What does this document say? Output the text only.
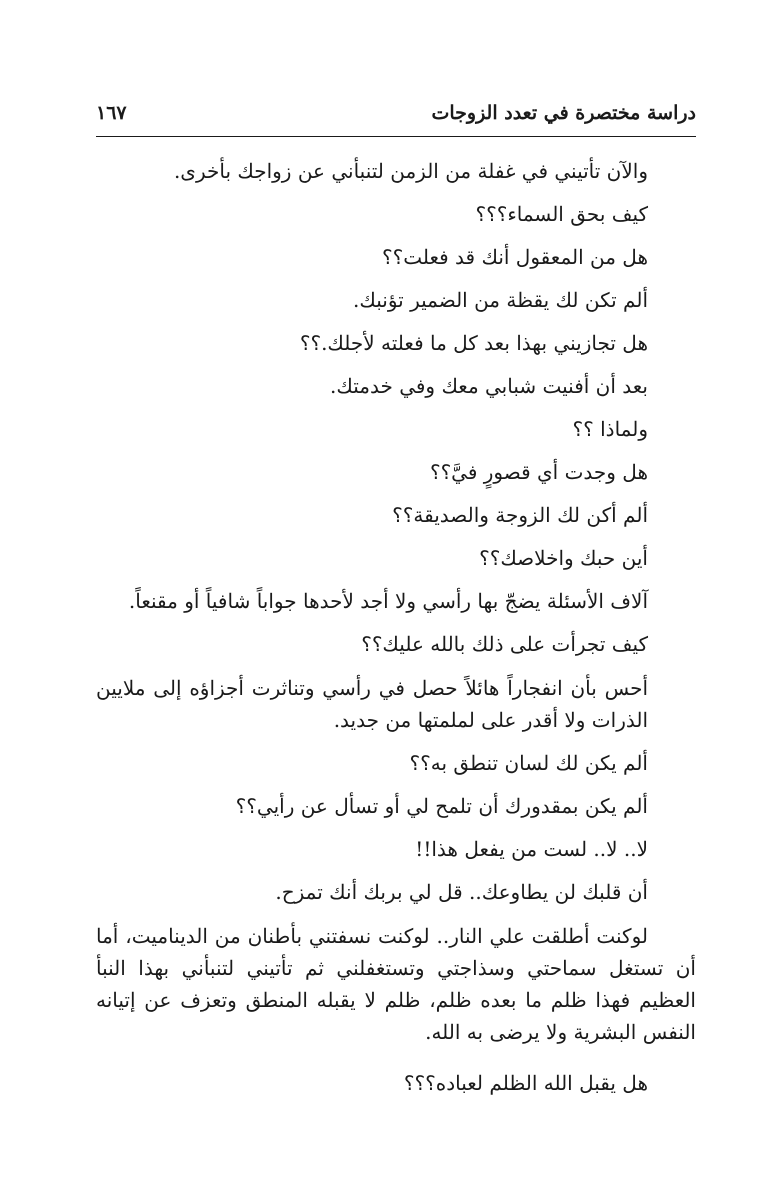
دراسة مختصرة في تعدد الزوجات
١٦٧
والآن تأتيني في غفلة من الزمن لتنبأني عن زواجك بأخرى.
كيف بحق السماء؟؟؟
هل من المعقول أنك قد فعلت؟؟
ألم تكن لك يقظة من الضمير تؤنبك.
هل تجازيني بهذا بعد كل ما فعلته لأجلك.؟؟
بعد أن أفنيت شبابي معك وفي خدمتك.
ولماذا ؟؟
هل وجدت أي قصورٍ فيَّ؟؟
ألم أكن لك الزوجة والصديقة؟؟
أين حبك واخلاصك؟؟
آلاف الأسئلة يضجّ بها رأسي ولا أجد لأحدها جواباً شافياً أو مقنعاً.
كيف تجرأت على ذلك بالله عليك؟؟

أحس بأن انفجاراً هائلاً حصل في رأسي وتناثرت أجزاؤه إلى ملايين الذرات ولا أقدر على لملمتها من جديد.

ألم يكن لك لسان تنطق به؟؟
ألم يكن بمقدورك أن تلمح لي أو تسأل عن رأيي؟؟
لا.. لا.. لست من يفعل هذا!!
أن قلبك لن يطاوعك.. قل لي بربك أنك تمزح.

لوكنت أطلقت علي النار.. لوكنت نسفتني بأطنان من الديناميت، أما أن تستغل سماحتي وسذاجتي وتستغفلني ثم تأتيني لتنبأني بهذا النبأ العظيم فهذا ظلم ما بعده ظلم، ظلم لا يقبله المنطق وتعزف عن إتيانه النفس البشرية ولا يرضى به الله.

هل يقبل الله الظلم لعباده؟؟؟
